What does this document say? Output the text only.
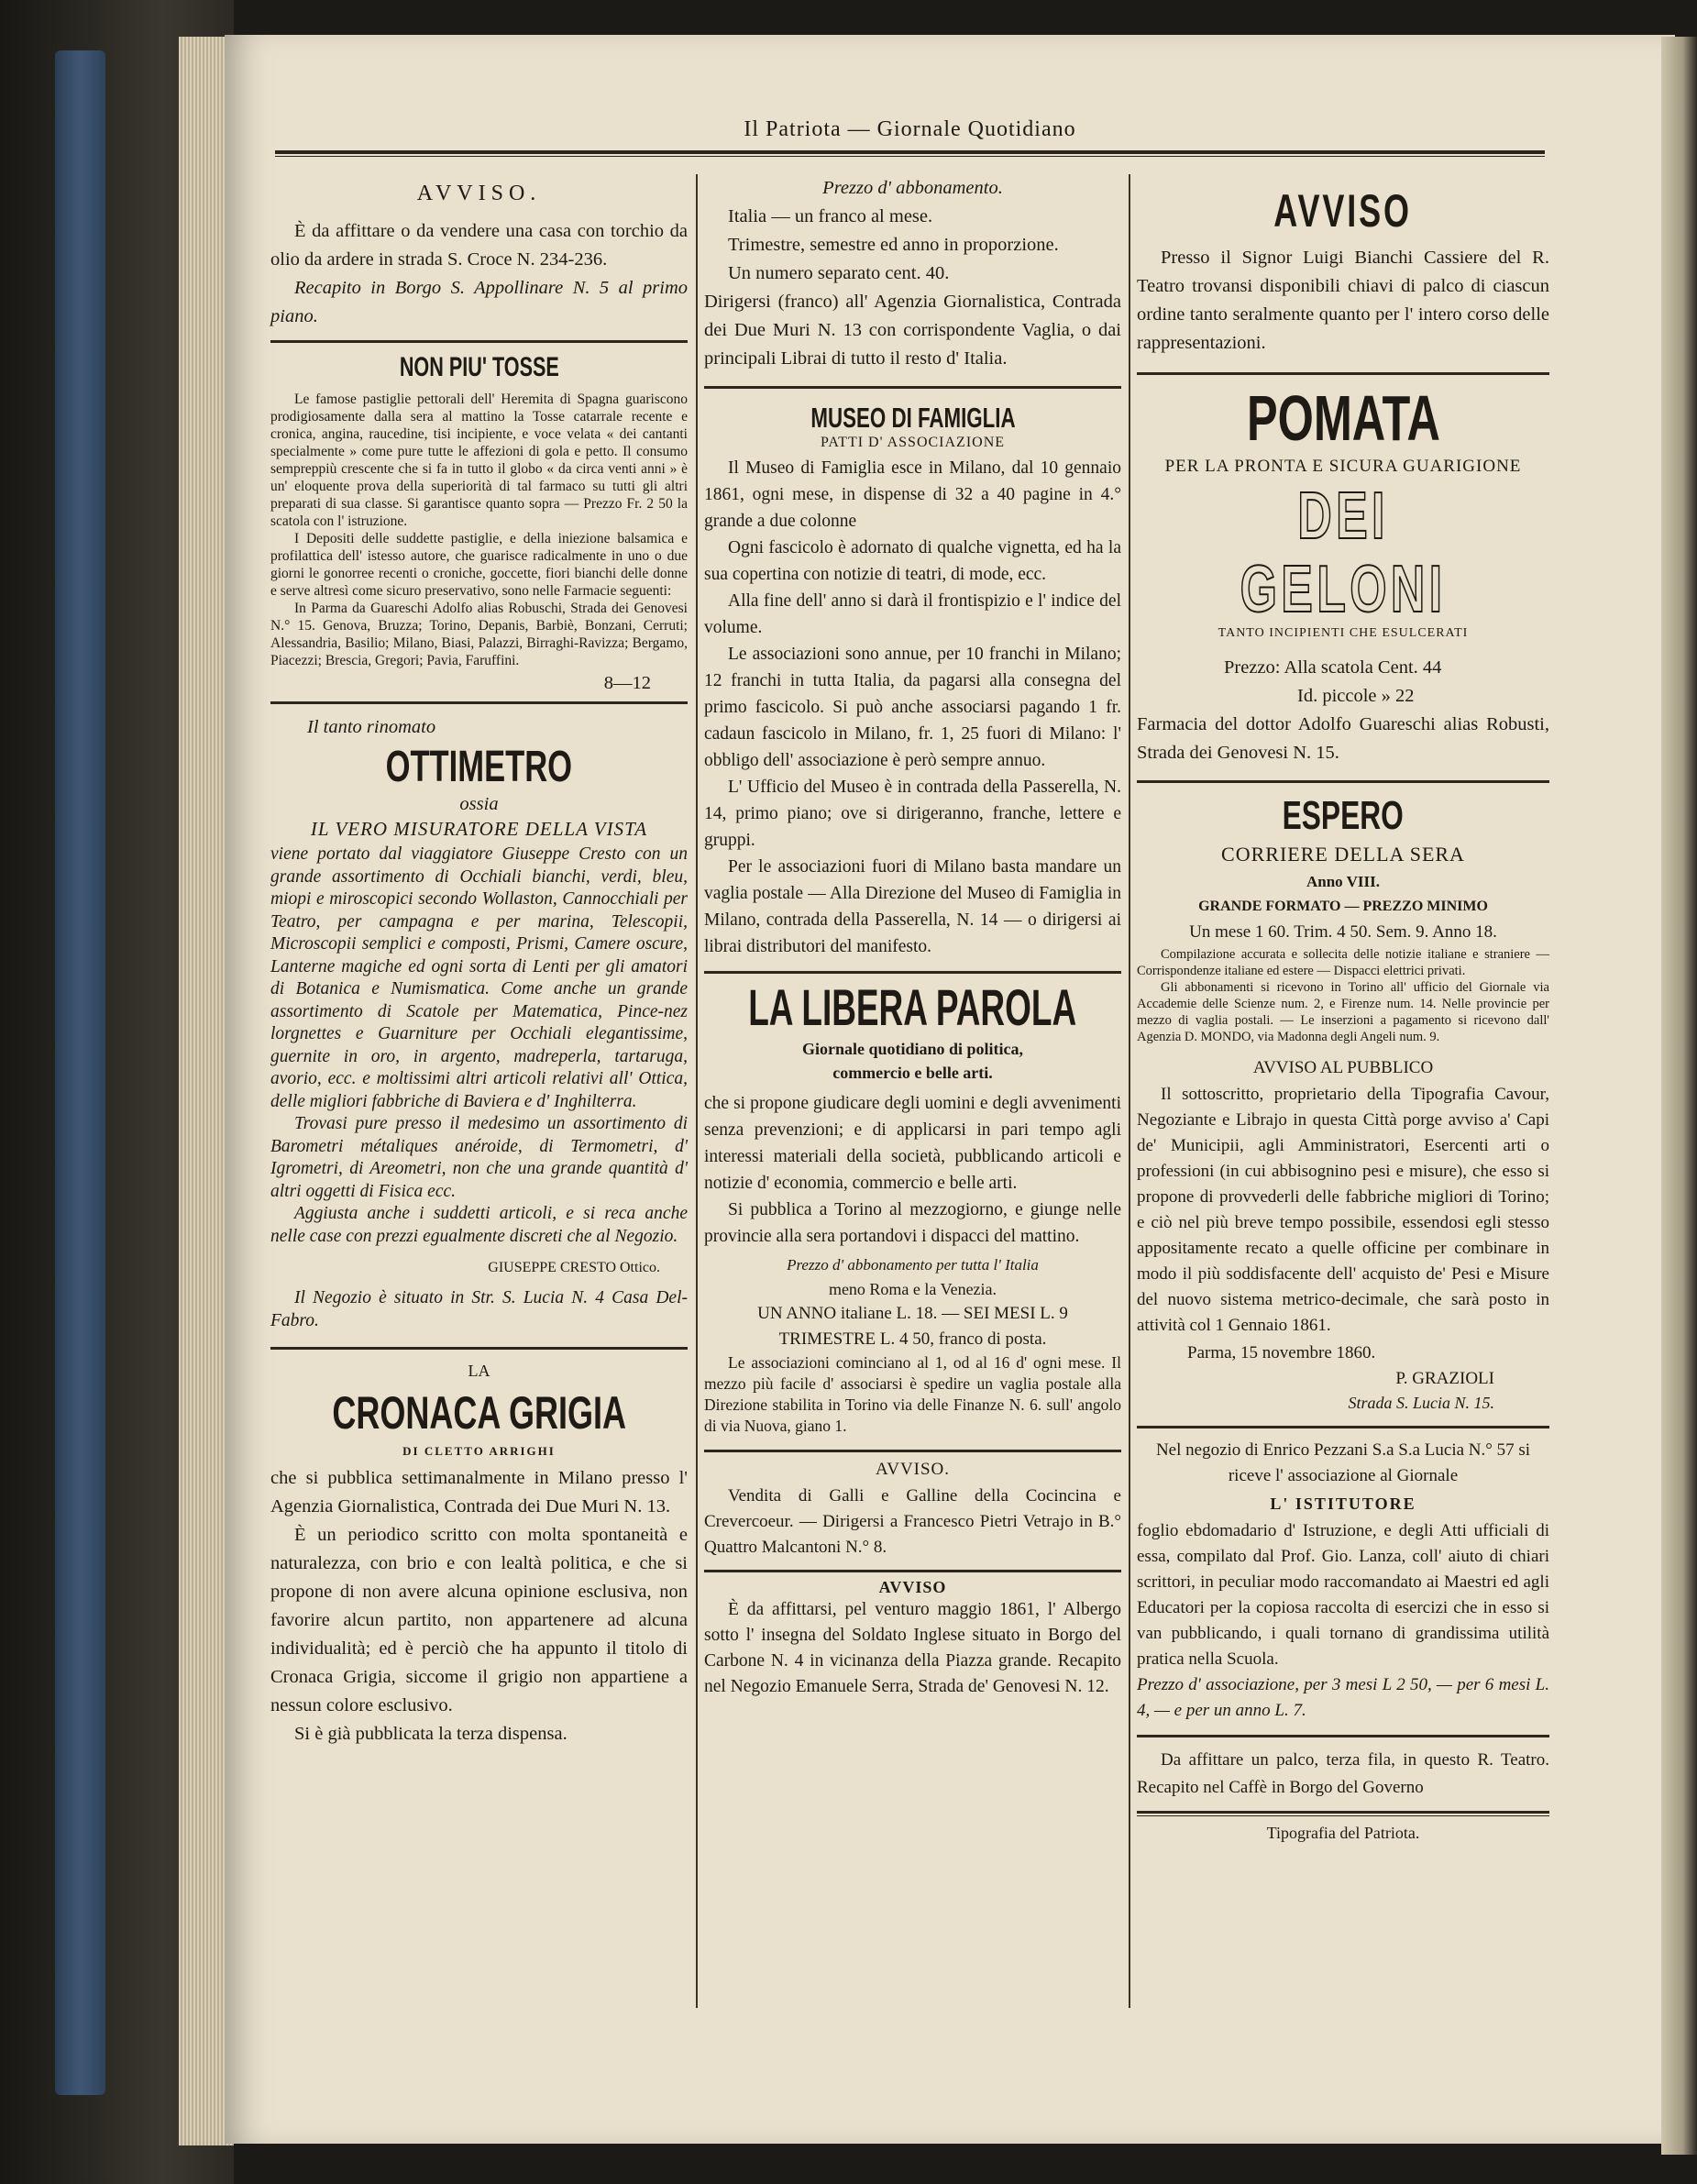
Il Patriota — Giornale Quotidiano
AVVISO.

È da affittare o da vendere una casa con torchio da olio da ardere in strada S. Croce N. 234-236.

Recapito in Borgo S. Appollinare N. 5 al primo piano.

NON PIU' TOSSE

Le famose pastiglie pettorali dell' Heremita di Spagna guariscono prodigiosamente dalla sera al mattino la Tosse catarrale recente e cronica, angina, raucedine, tisi incipiente, e voce velata « dei cantanti specialmente » come pure tutte le affezioni di gola e petto. Il consumo sempreppiù crescente che si fa in tutto il globo « da circa venti anni » è un' eloquente prova della superiorità di tal farmaco su tutti gli altri preparati di sua classe. Si garantisce quanto sopra — Prezzo Fr. 2 50 la scatola con l' istruzione.

I Depositi delle suddette pastiglie, e della iniezione balsamica e profilattica dell' istesso autore, che guarisce radicalmente in uno o due giorni le gonorree recenti o croniche, goccette, fiori bianchi delle donne e serve altresì come sicuro preservativo, sono nelle Farmacie seguenti:

In Parma da Guareschi Adolfo alias Robuschi, Strada dei Genovesi N.° 15. Genova, Bruzza; Torino, Depanis, Barbiè, Bonzani, Cerruti; Alessandria, Basilio; Milano, Biasi, Palazzi, Birraghi-Ravizza; Bergamo, Piacezzi; Brescia, Gregori; Pavia, Faruffini.

8—12

Il tanto rinomato

OTTIMETRO

ossia

IL VERO MISURATORE DELLA VISTA

viene portato dal viaggiatore Giuseppe Cresto con un grande assortimento di Occhiali bianchi, verdi, bleu, miopi e miroscopici secondo Wollaston, Cannocchiali per Teatro, per campagna e per marina, Telescopii, Microscopii semplici e composti, Prismi, Camere oscure, Lanterne magiche ed ogni sorta di Lenti per gli amatori di Botanica e Numismatica. Come anche un grande assortimento di Scatole per Matematica, Pince-nez lorgnettes e Guarniture per Occhiali elegantissime, guernite in oro, in argento, madreperla, tartaruga, avorio, ecc. e moltissimi altri articoli relativi all' Ottica, delle migliori fabbriche di Baviera e d' Inghilterra.

Trovasi pure presso il medesimo un assortimento di Barometri métaliques anéroide, di Termometri, d' Igrometri, di Areometri, non che una grande quantità d' altri oggetti di Fisica ecc.

Aggiusta anche i suddetti articoli, e si reca anche nelle case con prezzi egualmente discreti che al Negozio.

GIUSEPPE CRESTO Ottico.

Il Negozio è situato in Str. S. Lucia N. 4 Casa Del-Fabro.

LA

CRONACA GRIGIA

DI CLETTO ARRIGHI

che si pubblica settimanalmente in Milano presso l' Agenzia Giornalistica, Contrada dei Due Muri N. 13.

È un periodico scritto con molta spontaneità e naturalezza, con brio e con lealtà politica, e che si propone di non avere alcuna opinione esclusiva, non favorire alcun partito, non appartenere ad alcuna individualità; ed è perciò che ha appunto il titolo di Cronaca Grigia, siccome il grigio non appartiene a nessun colore esclusivo.

Si è già pubblicata la terza dispensa.

Prezzo d' abbonamento.

Italia — un franco al mese.

Trimestre, semestre ed anno in proporzione.

Un numero separato cent. 40.

Dirigersi (franco) all' Agenzia Giornalistica, Contrada dei Due Muri N. 13 con corrispondente Vaglia, o dai principali Librai di tutto il resto d' Italia.

MUSEO DI FAMIGLIA

PATTI D' ASSOCIAZIONE

Il Museo di Famiglia esce in Milano, dal 10 gennaio 1861, ogni mese, in dispense di 32 a 40 pagine in 4.° grande a due colonne

Ogni fascicolo è adornato di qualche vignetta, ed ha la sua copertina con notizie di teatri, di mode, ecc.

Alla fine dell' anno si darà il frontispizio e l' indice del volume.

Le associazioni sono annue, per 10 franchi in Milano; 12 franchi in tutta Italia, da pagarsi alla consegna del primo fascicolo. Si può anche associarsi pagando 1 fr. cadaun fascicolo in Milano, fr. 1, 25 fuori di Milano: l' obbligo dell' associazione è però sempre annuo.

L' Ufficio del Museo è in contrada della Passerella, N. 14, primo piano; ove si dirigeranno, franche, lettere e gruppi.

Per le associazioni fuori di Milano basta mandare un vaglia postale — Alla Direzione del Museo di Famiglia in Milano, contrada della Passerella, N. 14 — o dirigersi ai librai distributori del manifesto.

LA LIBERA PAROLA

Giornale quotidiano di politica,

commercio e belle arti.

che si propone giudicare degli uomini e degli avvenimenti senza prevenzioni; e di applicarsi in pari tempo agli interessi materiali della società, pubblicando articoli e notizie d' economia, commercio e belle arti.

Si pubblica a Torino al mezzogiorno, e giunge nelle provincie alla sera portandovi i dispacci del mattino.

Prezzo d' abbonamento per tutta l' Italia

meno Roma e la Venezia.

UN ANNO italiane L. 18. — SEI MESI L. 9

TRIMESTRE L. 4 50, franco di posta.

Le associazioni cominciano al 1, od al 16 d' ogni mese. Il mezzo più facile d' associarsi è spedire un vaglia postale alla Direzione stabilita in Torino via delle Finanze N. 6. sull' angolo di via Nuova, giano 1.

AVVISO.

Vendita di Galli e Galline della Cocincina e Crevercoeur. — Dirigersi a Francesco Pietri Vetrajo in B.° Quattro Malcantoni N.° 8.

AVVISO

È da affittarsi, pel venturo maggio 1861, l' Albergo sotto l' insegna del Soldato Inglese situato in Borgo del Carbone N. 4 in vicinanza della Piazza grande. Recapito nel Negozio Emanuele Serra, Strada de' Genovesi N. 12.

AVVISO

Presso il Signor Luigi Bianchi Cassiere del R. Teatro trovansi disponibili chiavi di palco di ciascun ordine tanto seralmente quanto per l' intero corso delle rappresentazioni.

POMATA

PER LA PRONTA E SICURA GUARIGIONE

DEI GELONI

TANTO INCIPIENTI CHE ESULCERATI

Prezzo: Alla scatola Cent. 44

Id. piccole » 22

Farmacia del dottor Adolfo Guareschi alias Robusti, Strada dei Genovesi N. 15.

ESPERO

CORRIERE DELLA SERA

Anno VIII.

GRANDE FORMATO — PREZZO MINIMO

Un mese 1 60. Trim. 4 50. Sem. 9. Anno 18.

Compilazione accurata e sollecita delle notizie italiane e straniere — Corrispondenze italiane ed estere — Dispacci elettrici privati.

Gli abbonamenti si ricevono in Torino all' ufficio del Giornale via Accademie delle Scienze num. 2, e Firenze num. 14. Nelle provincie per mezzo di vaglia postali. — Le inserzioni a pagamento si ricevono dall' Agenzia D. MONDO, via Madonna degli Angeli num. 9.

AVVISO AL PUBBLICO

Il sottoscritto, proprietario della Tipografia Cavour, Negoziante e Librajo in questa Città porge avviso a' Capi de' Municipii, agli Amministratori, Esercenti arti o professioni (in cui abbisognino pesi e misure), che esso si propone di provvederli delle fabbriche migliori di Torino; e ciò nel più breve tempo possibile, essendosi egli stesso appositamente recato a quelle officine per combinare in modo il più soddisfacente dell' acquisto de' Pesi e Misure del nuovo sistema metrico-decimale, che sarà posto in attività col 1 Gennaio 1861.

Parma, 15 novembre 1860.

P. GRAZIOLI

Strada S. Lucia N. 15.

Nel negozio di Enrico Pezzani S.a S.a Lucia N.° 57 si riceve l' associazione al Giornale

L' ISTITUTORE

foglio ebdomadario d' Istruzione, e degli Atti ufficiali di essa, compilato dal Prof. Gio. Lanza, coll' aiuto di chiari scrittori, in peculiar modo raccomandato ai Maestri ed agli Educatori per la copiosa raccolta di esercizi che in esso si van pubblicando, i quali tornano di grandissima utilità pratica nella Scuola.

Prezzo d' associazione, per 3 mesi L 2 50, — per 6 mesi L. 4, — e per un anno L. 7.

Da affittare un palco, terza fila, in questo R. Teatro. Recapito nel Caffè in Borgo del Governo

Tipografia del Patriota.
